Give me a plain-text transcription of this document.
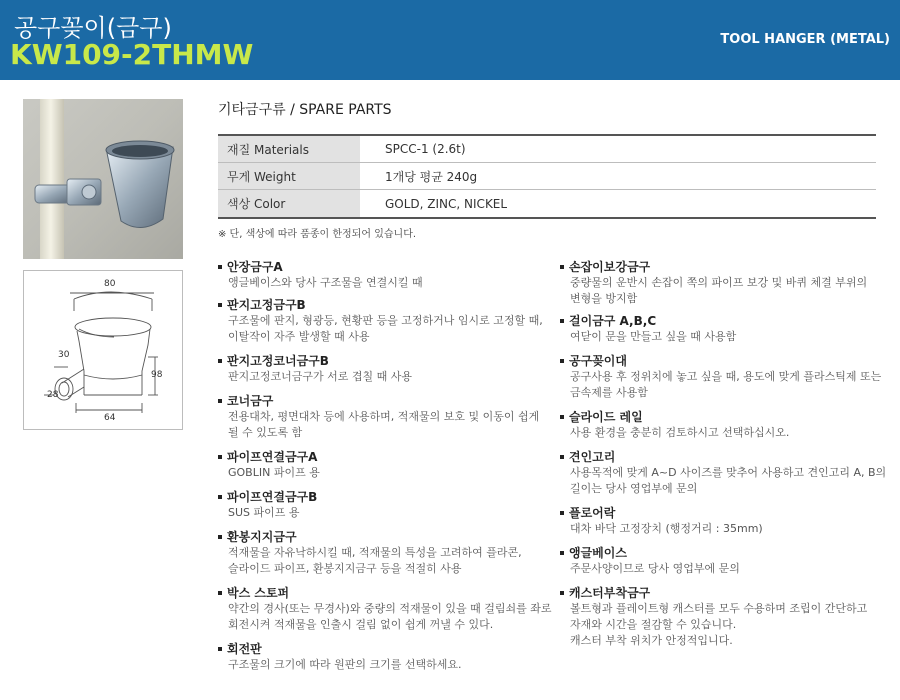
공구꽂이(금구)
KW109-2THMW	TOOL HANGER (METAL)
80
98
30
28
64
기타금구류 / SPARE PARTS
재질 Materials	SPCC-1 (2.6t)
무게 Weight	1개당 평균 240g
색상 Color	GOLD, ZINC, NICKEL
※ 단, 색상에 따라 품종이 한정되어 있습니다.
안장금구A
앵글베이스와 당사 구조물을 연결시킬 때
판지고정금구B
구조물에 판지, 형광등, 현황판 등을 고정하거나 임시로 고정할 때,
이탈작이 자주 발생할 때 사용
판지고정코너금구B
판지고정코너금구가 서로 겹칠 때 사용
코너금구
전용대차, 평면대차 등에 사용하며, 적재물의 보호 및 이동이 쉽게
될 수 있도록 함
파이프연결금구A
GOBLIN 파이프 용
파이프연결금구B
SUS 파이프 용
환봉지지금구
적재물을 자유낙하시킬 때, 적재물의 특성을 고려하여 플라콘,
슬라이드 파이프, 환봉지지금구 등을 적절히 사용
박스 스토퍼
약간의 경사(또는 무경사)와 중량의 적재물이 있을 때 걸림쇠를 좌로
회전시켜 적재물을 인출시 걸림 없이 쉽게 꺼낼 수 있다.
회전판
구조물의 크기에 따라 원판의 크기를 선택하세요.
손잡이보강금구
중량물의 운반시 손잡이 쪽의 파이프 보강 및 바퀴 체결 부위의
변형을 방지함
걸이금구 A,B,C
여닫이 문을 만들고 싶을 때 사용함
공구꽂이대
공구사용 후 정위치에 놓고 싶을 때, 용도에 맞게 플라스틱제 또는
금속제를 사용함
슬라이드 레일
사용 환경을 충분히 검토하시고 선택하십시오.
견인고리
사용목적에 맞게 A~D 사이즈를 맞추어 사용하고 견인고리 A, B의
길이는 당사 영업부에 문의
플로어락
대차 바닥 고정장치 (행정거리 : 35mm)
앵글베이스
주문사양이므로 당사 영업부에 문의
캐스터부착금구
볼트형과 플레이트형 캐스터를 모두 수용하며 조립이 간단하고
자재와 시간을 절감할 수 있습니다.
캐스터 부착 위치가 안정적입니다.
